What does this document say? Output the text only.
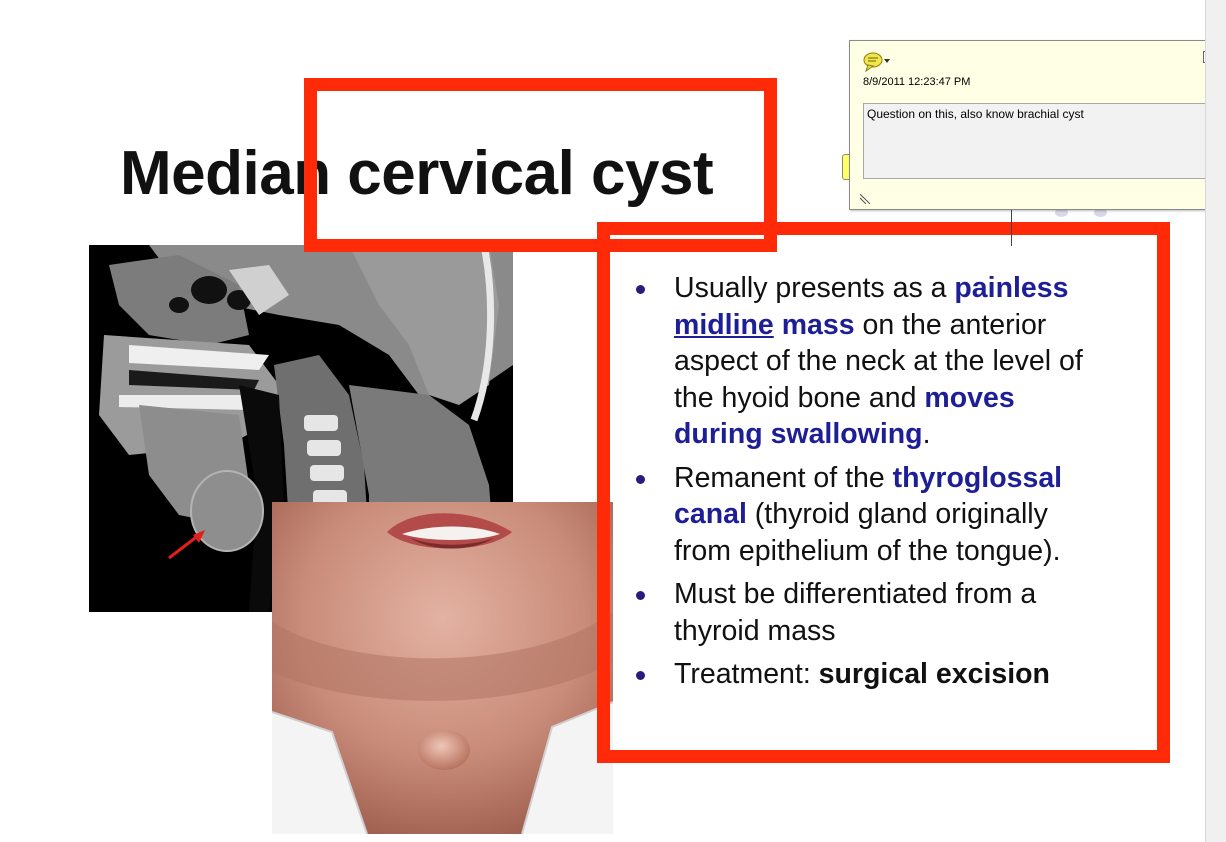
Median cervical cyst
Usually presents as a painless midline mass on the anterior aspect of the neck at the level of the hyoid bone and moves during swallowing.
Remanent of the thyroglossal canal (thyroid gland originally from epithelium of the tongue).
Must be differentiated from a thyroid mass
Treatment: surgical excision
8/9/2011 12:23:47 PM
Question on this, also know brachial cyst
